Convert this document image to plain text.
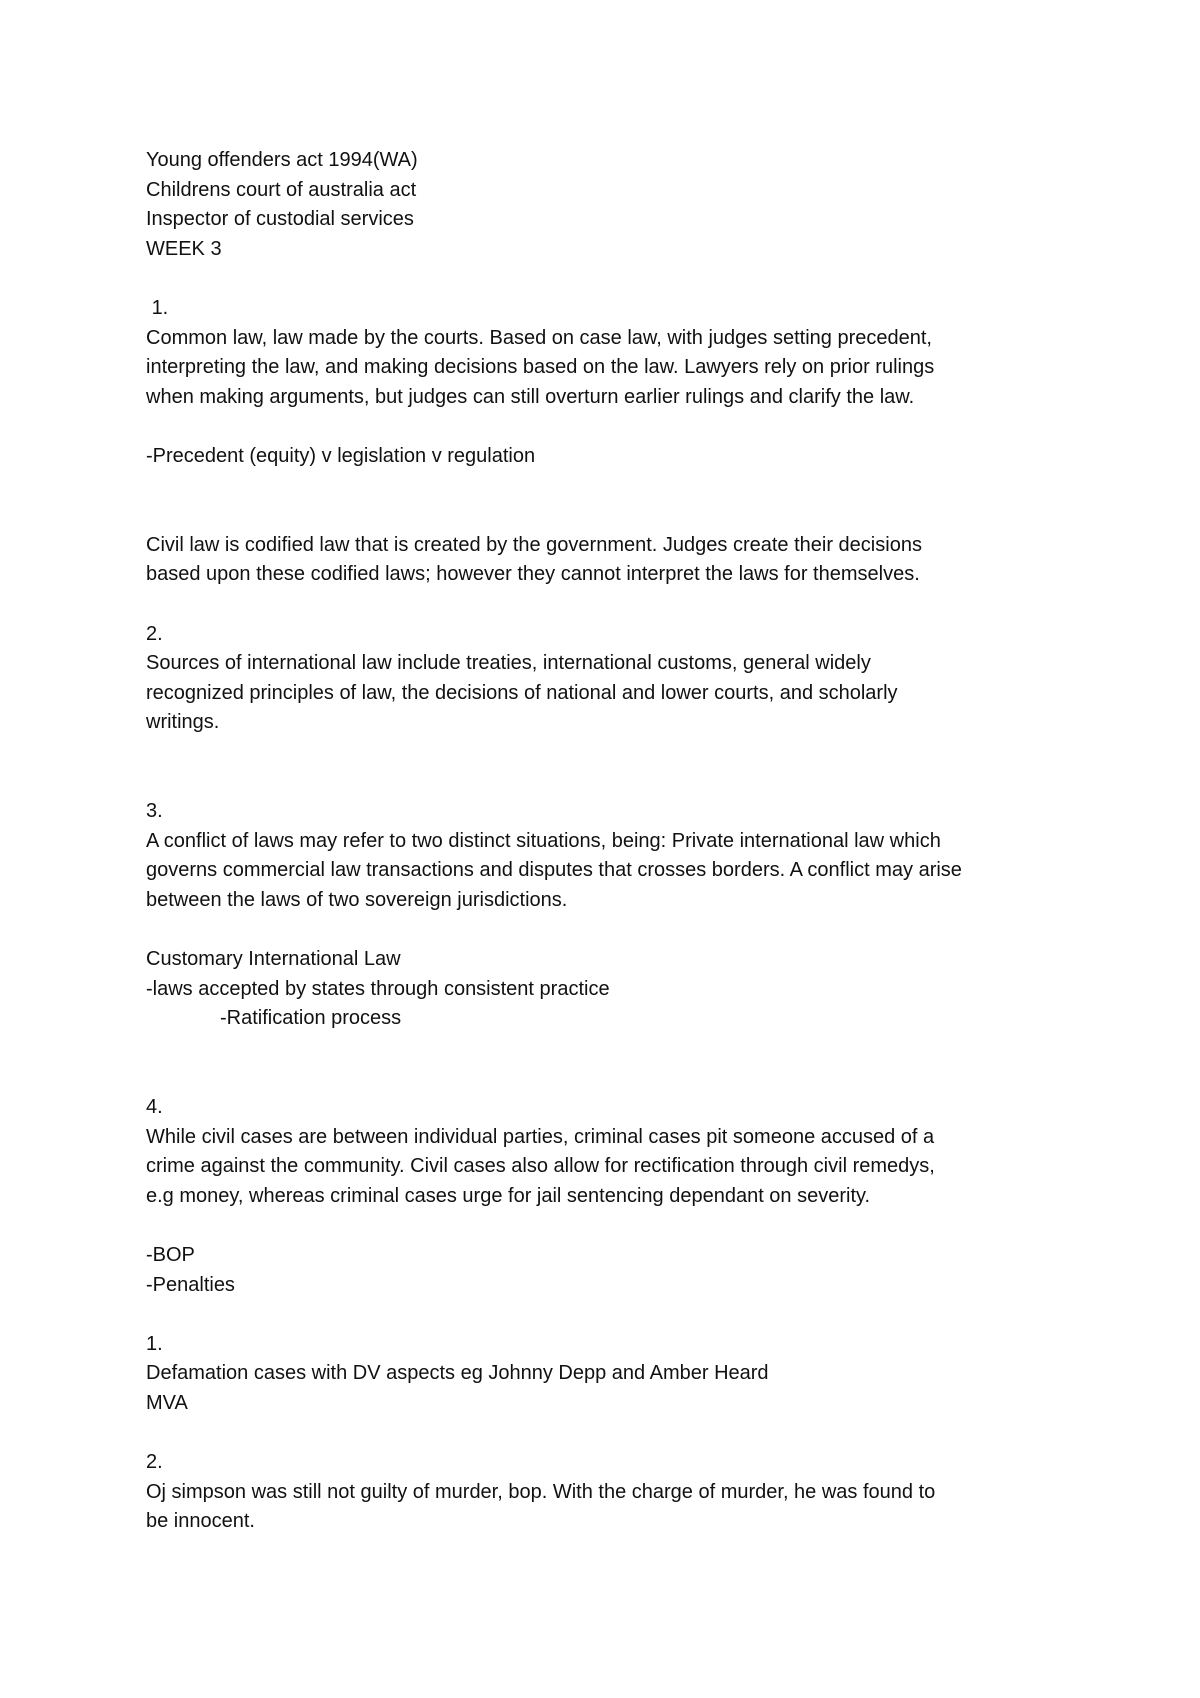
Young offenders act 1994(WA)
Childrens court of australia act
Inspector of custodial services
WEEK 3
1.
Common law, law made by the courts. Based on case law, with judges setting precedent,
interpreting the law, and making decisions based on the law. Lawyers rely on prior rulings
when making arguments, but judges can still overturn earlier rulings and clarify the law.
-Precedent (equity) v legislation v regulation
Civil law is codified law that is created by the government. Judges create their decisions
based upon these codified laws; however they cannot interpret the laws for themselves.
2.
Sources of international law include treaties, international customs, general widely
recognized principles of law, the decisions of national and lower courts, and scholarly
writings.
3.
A conflict of laws may refer to two distinct situations, being: Private international law which
governs commercial law transactions and disputes that crosses borders. A conflict may arise
between the laws of two sovereign jurisdictions.
Customary International Law
-laws accepted by states through consistent practice
-Ratification process
4.
While civil cases are between individual parties, criminal cases pit someone accused of a
crime against the community. Civil cases also allow for rectification through civil remedys,
e.g money, whereas criminal cases urge for jail sentencing dependant on severity.
-BOP
-Penalties
1.
Defamation cases with DV aspects eg Johnny Depp and Amber Heard
MVA
2.
Oj simpson was still not guilty of murder, bop. With the charge of murder, he was found to
be innocent.
